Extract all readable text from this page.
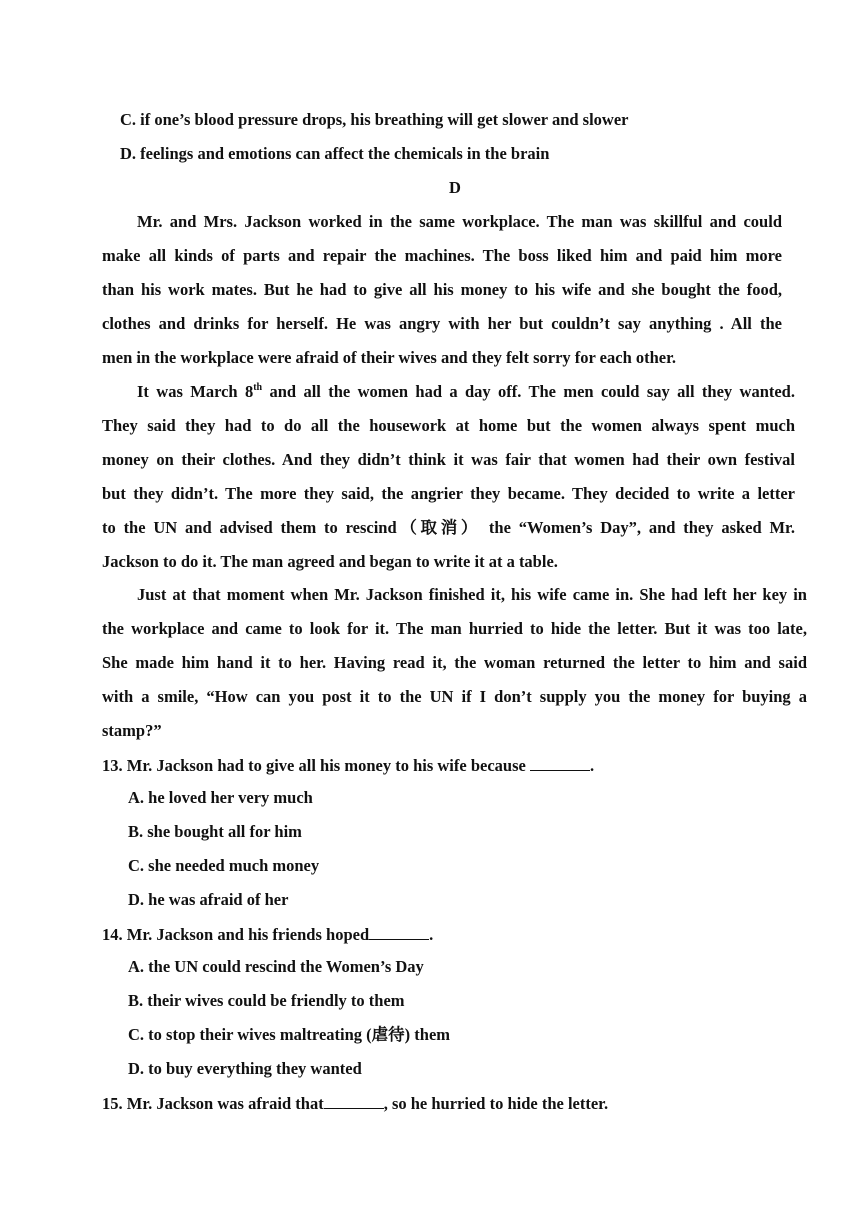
C. if one’s blood pressure drops, his breathing will get slower and slower
D. feelings and emotions can affect the chemicals in the brain
D
Mr. and Mrs. Jackson worked in the same workplace. The man was skillful and could
make all kinds of parts and repair the machines. The boss liked him and paid him more
than his work mates. But he had to give all his money to his wife and she bought the food,
clothes and drinks for herself. He was angry with her but couldn’t say anything . All the
men in the workplace were afraid of their wives and they felt sorry for each other.
It was March 8th and all the women had a day off. The men could say all they wanted.
They said they had to do all the housework at home but the women always spent much
money on their clothes. And they didn’t think it was fair that women had their own festival
but they didn’t. The more they said, the angrier they became. They decided to write a letter
to the UN and advised them to rescind（取消） the “Women’s Day”, and they asked Mr.
Jackson to do it. The man agreed and began to write it at a table.
Just at that moment when Mr. Jackson finished it, his wife came in. She had left her key in
the workplace and came to look for it. The man hurried to hide the letter. But it was too late,
She made him hand it to her. Having read it, the woman returned the letter to him and said
with a smile, “How can you post it to the UN if I don’t supply you the money for buying a
stamp?”
13. Mr. Jackson had to give all his money to his wife because	.
A. he loved her very much
B. she bought all for him
C. she needed much money
D. he was afraid of her
14. Mr. Jackson and his friends hoped	.
A. the UN could rescind the Women’s Day
B. their wives could be friendly to them
C. to stop their wives maltreating (虐待) them
D. to buy everything they wanted
15. Mr. Jackson was afraid that	, so he hurried to hide the letter.
